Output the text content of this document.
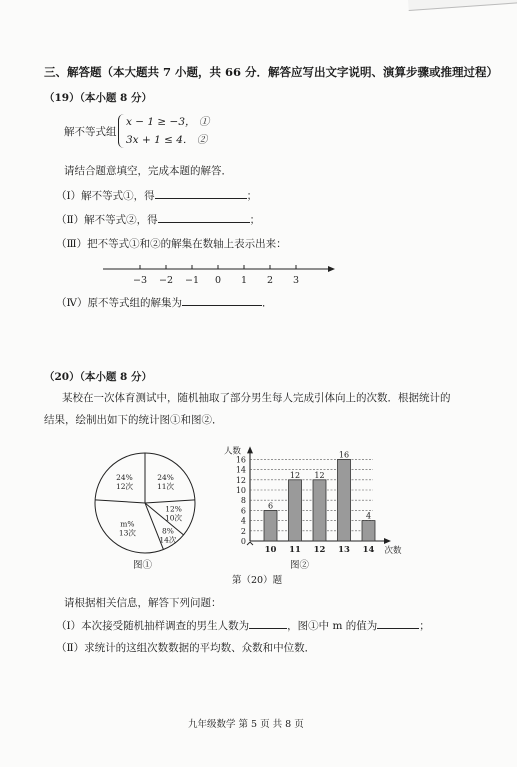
三、解答题（本大题共 7 小题，共 66 分．解答应写出文字说明、演算步骤或推理过程）
（19）（本小题 8 分）
解不等式组
x − 1 ≥ −3， ①
3x + 1 ≤ 4． ②
请结合题意填空，完成本题的解答．
（Ⅰ）解不等式①，得	；
（Ⅱ）解不等式②，得	；
（Ⅲ）把不等式①和②的解集在数轴上表示出来：
−3 −2 −1 0 1 2 3
（Ⅳ）原不等式组的解集为	．
（20）（本小题 8 分）
某校在一次体育测试中，随机抽取了部分男生每人完成引体向上的次数．根据统计的
结果，绘制出如下的统计图①和图②．
24%
11次
12%
10次
8%
14次
m%
13次
24%
12次
图①
人数
0
2
4
6
8
10
12
14
16
6
10
12
11
12
12
16
13
4
14 次数
图②
第（20）题
请根据相关信息，解答下列问题：
（Ⅰ）本次接受随机抽样调查的男生人数为	，图①中 m 的值为	；
（Ⅱ）求统计的这组次数数据的平均数、众数和中位数．
九年级数学 第 5 页 共 8 页
